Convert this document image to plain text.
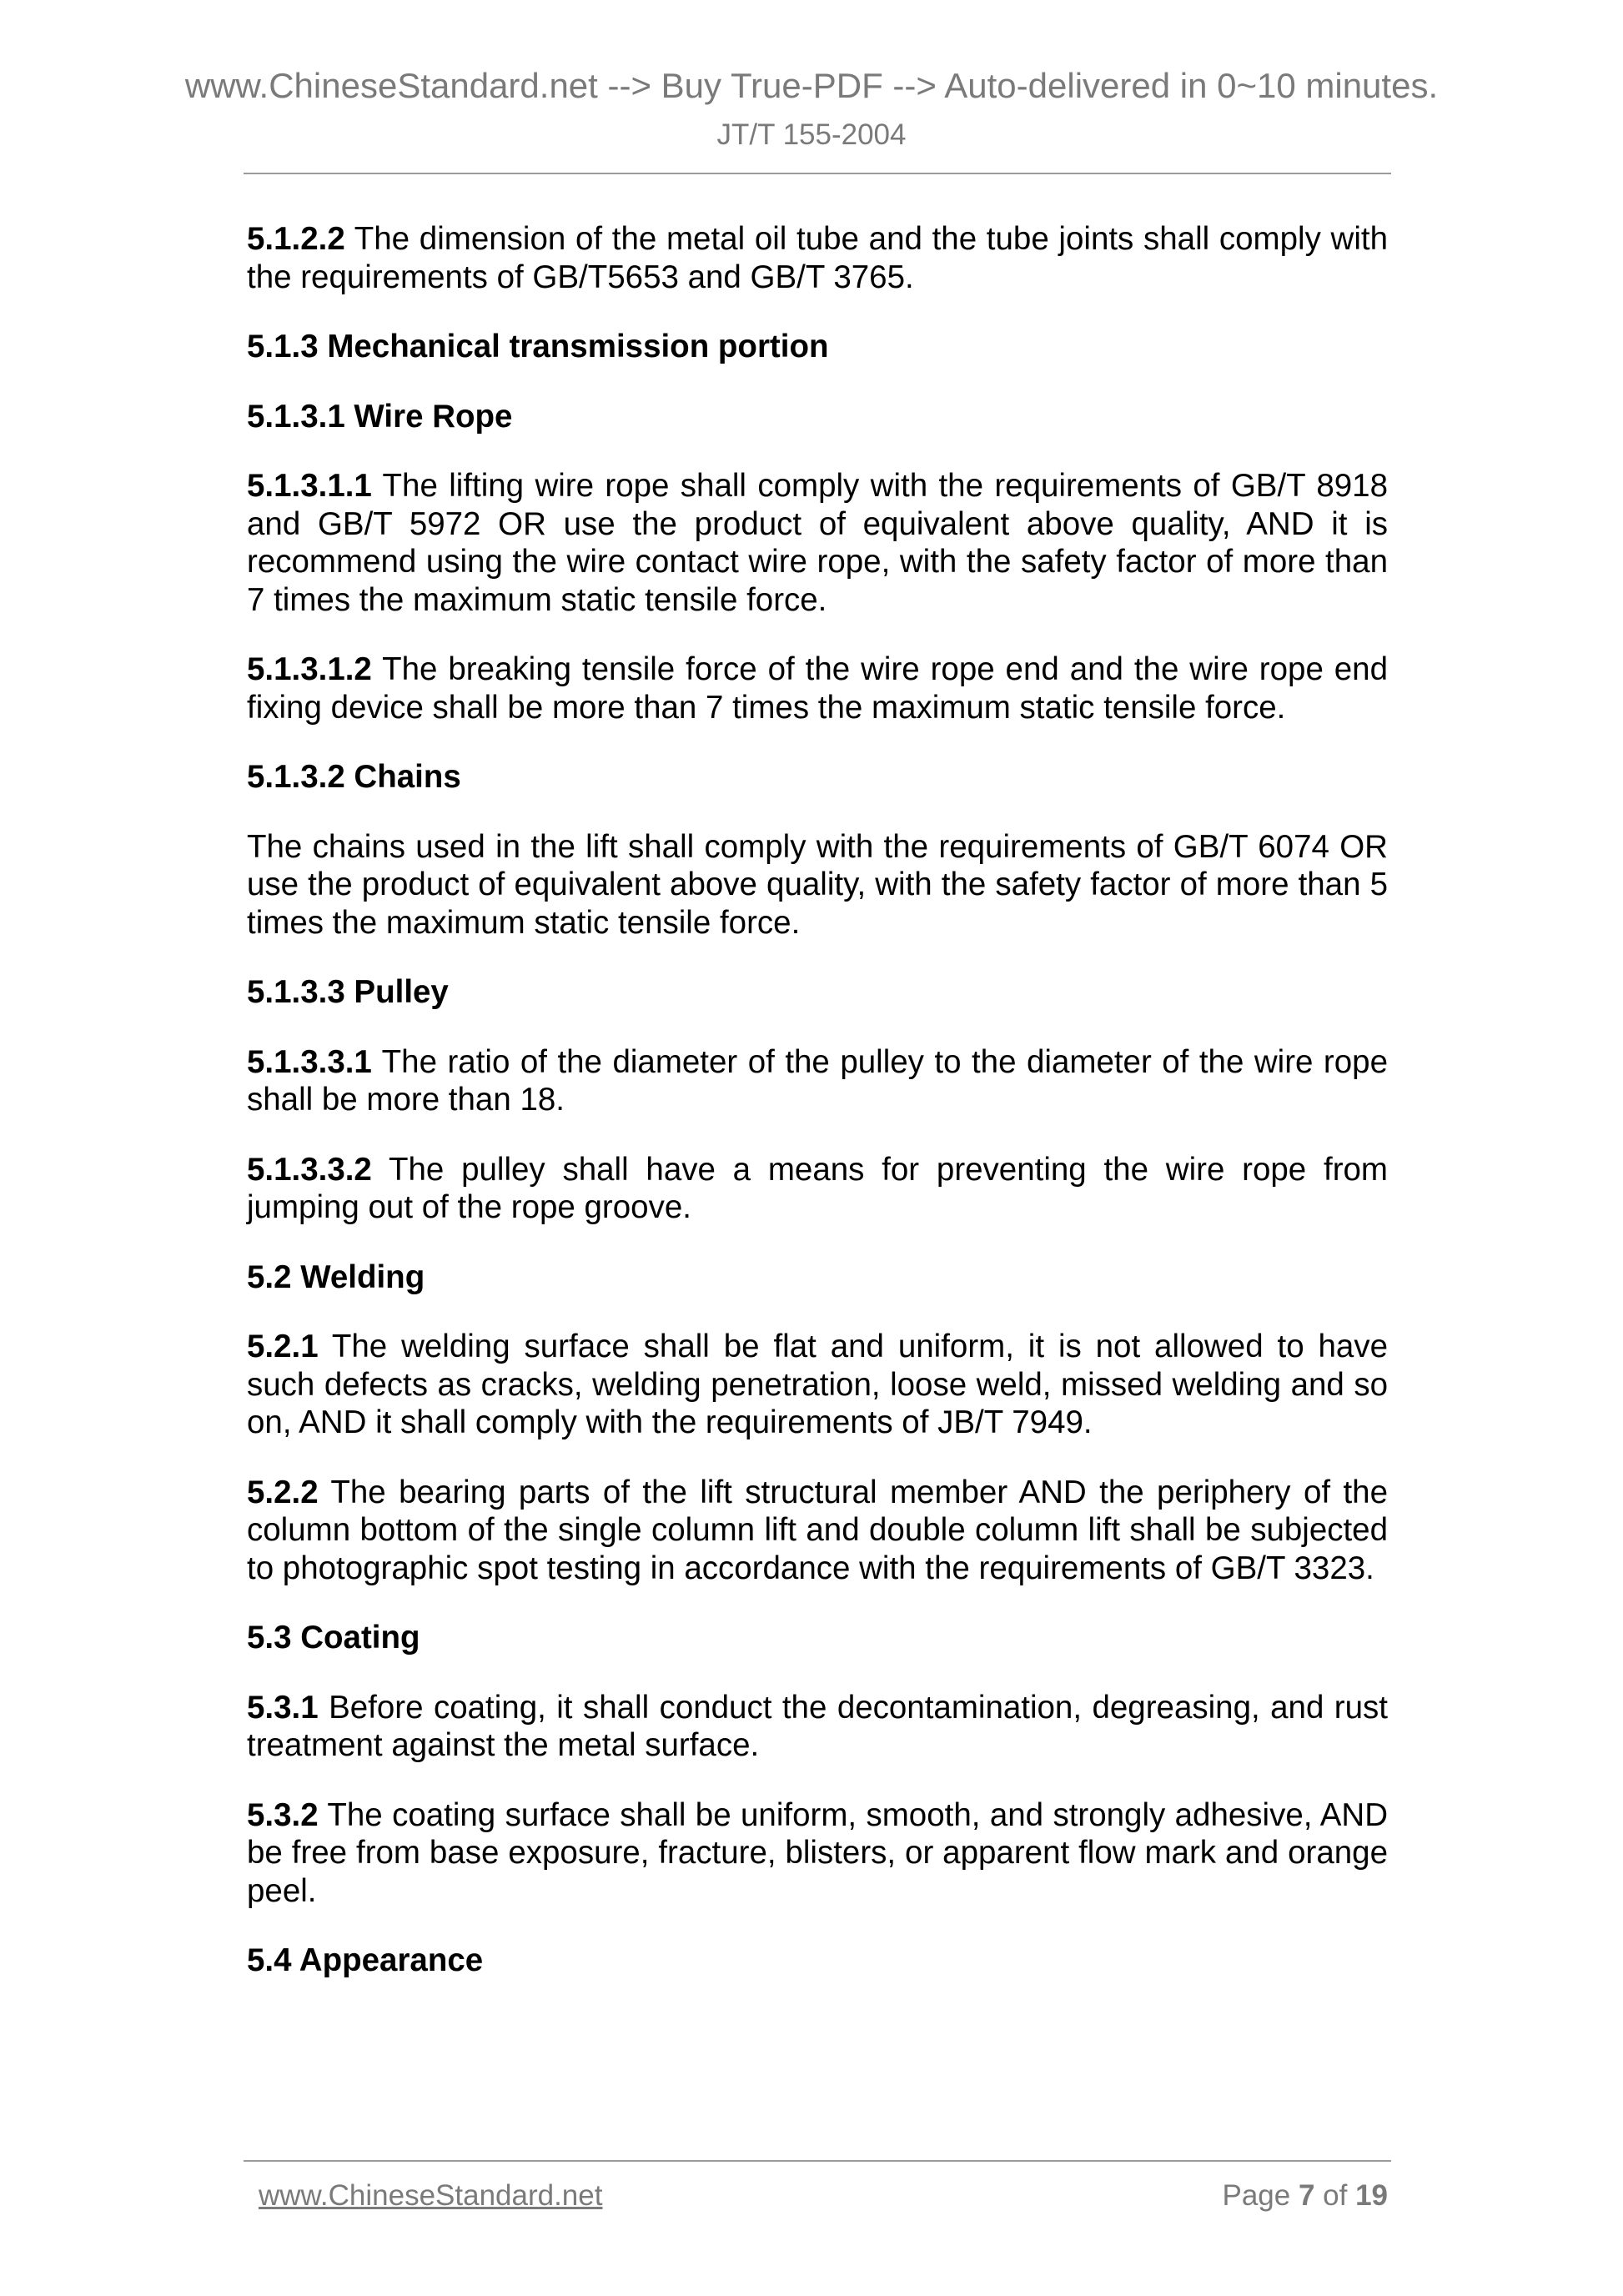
www.ChineseStandard.net --> Buy True-PDF --> Auto-delivered in 0~10 minutes.
JT/T 155-2004

5.1.2.2 The dimension of the metal oil tube and the tube joints shall comply with the requirements of GB/T5653 and GB/T 3765.

5.1.3 Mechanical transmission portion

5.1.3.1 Wire Rope

5.1.3.1.1 The lifting wire rope shall comply with the requirements of GB/T 8918 and GB/T 5972 OR use the product of equivalent above quality, AND it is recommend using the wire contact wire rope, with the safety factor of more than 7 times the maximum static tensile force.

5.1.3.1.2 The breaking tensile force of the wire rope end and the wire rope end fixing device shall be more than 7 times the maximum static tensile force.

5.1.3.2 Chains

The chains used in the lift shall comply with the requirements of GB/T 6074 OR use the product of equivalent above quality, with the safety factor of more than 5 times the maximum static tensile force.

5.1.3.3 Pulley

5.1.3.3.1 The ratio of the diameter of the pulley to the diameter of the wire rope shall be more than 18.

5.1.3.3.2 The pulley shall have a means for preventing the wire rope from jumping out of the rope groove.

5.2 Welding

5.2.1 The welding surface shall be flat and uniform, it is not allowed to have such defects as cracks, welding penetration, loose weld, missed welding and so on, AND it shall comply with the requirements of JB/T 7949.

5.2.2 The bearing parts of the lift structural member AND the periphery of the column bottom of the single column lift and double column lift shall be subjected to photographic spot testing in accordance with the requirements of GB/T 3323.

5.3 Coating

5.3.1 Before coating, it shall conduct the decontamination, degreasing, and rust treatment against the metal surface.

5.3.2 The coating surface shall be uniform, smooth, and strongly adhesive, AND be free from base exposure, fracture, blisters, or apparent flow mark and orange peel.

5.4 Appearance

www.ChineseStandard.net	Page 7 of 19
